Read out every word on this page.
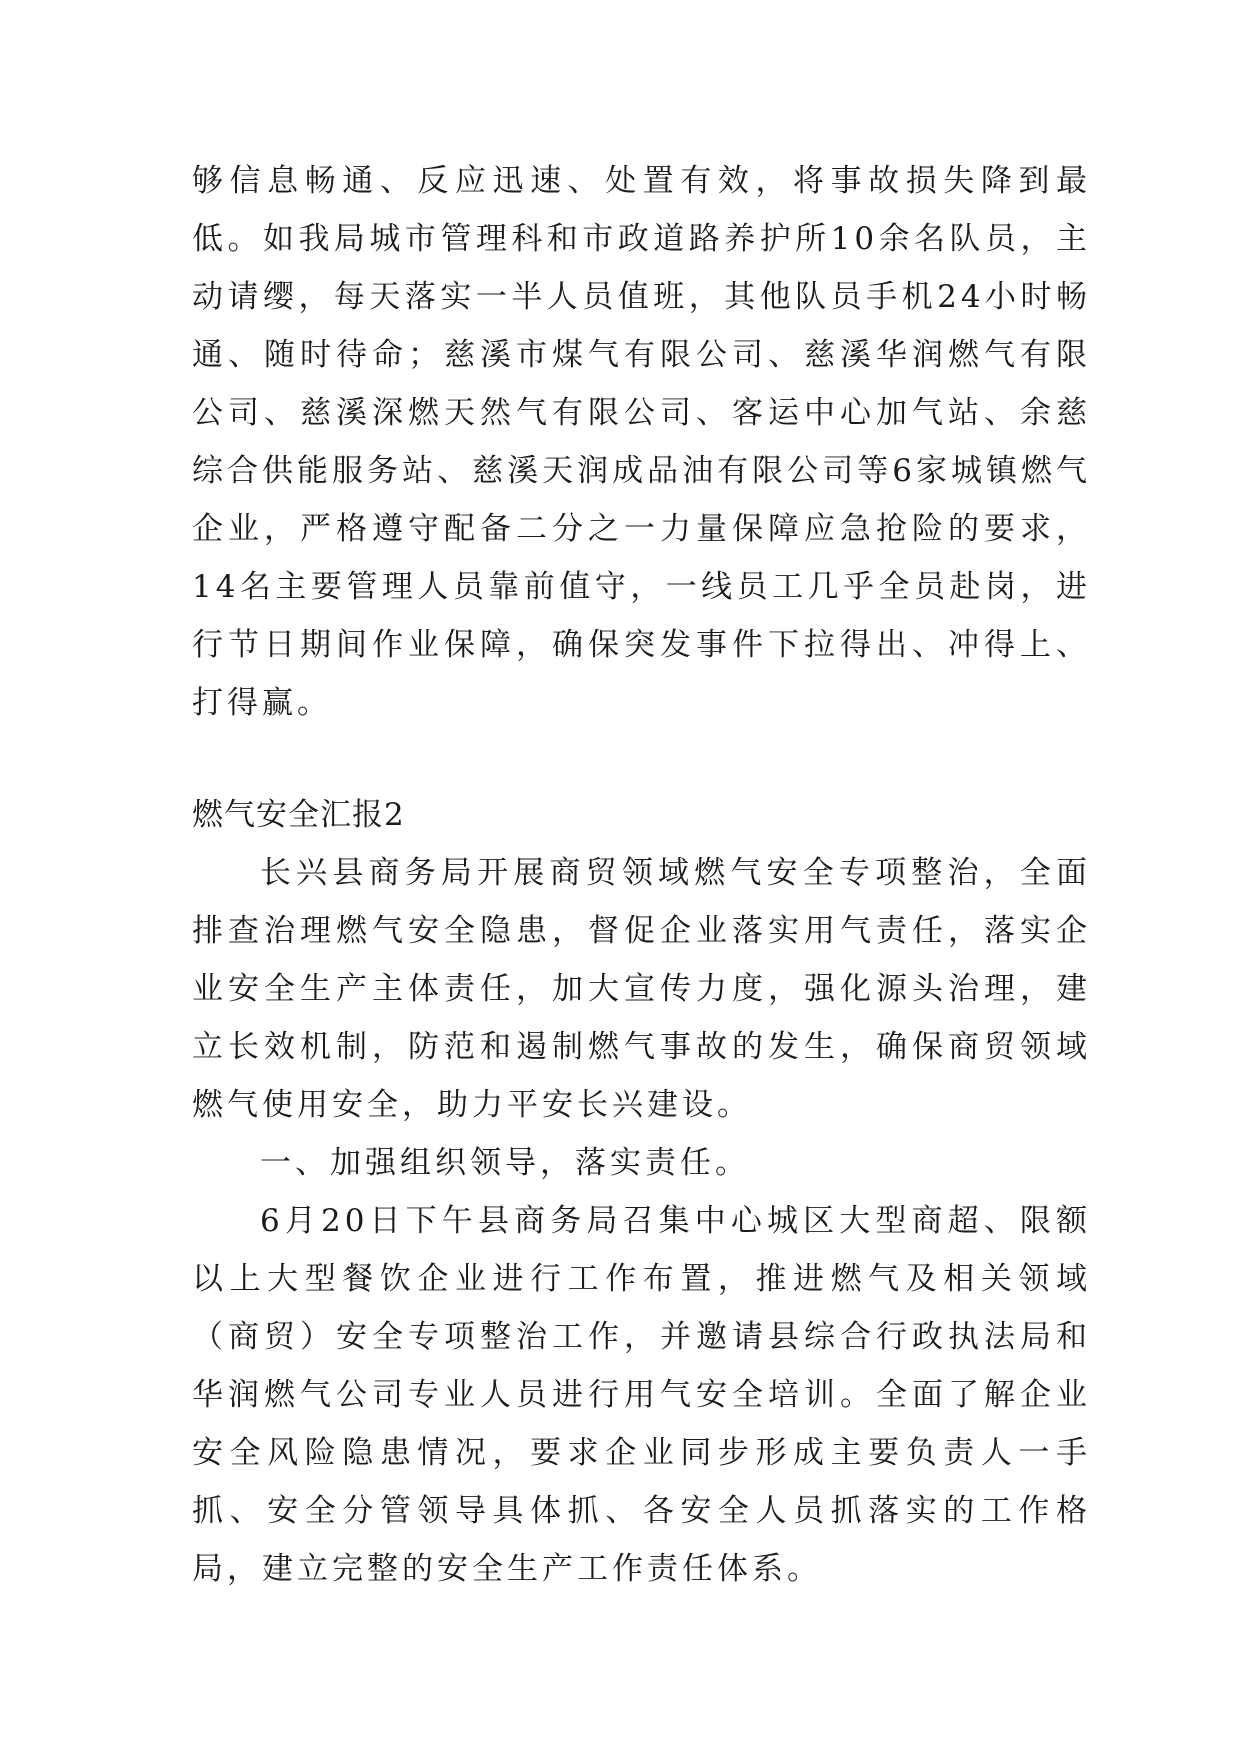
够信息畅通、反应迅速、处置有效，将事故损失降到最低。如我局城市管理科和市政道路养护所10余名队员，主动请缨，每天落实一半人员值班，其他队员手机24小时畅通、随时待命；慈溪市煤气有限公司、慈溪华润燃气有限公司、慈溪深燃天然气有限公司、客运中心加气站、余慈综合供能服务站、慈溪天润成品油有限公司等6家城镇燃气企业，严格遵守配备二分之一力量保障应急抢险的要求，14名主要管理人员靠前值守，一线员工几乎全员赴岗，进行节日期间作业保障，确保突发事件下拉得出、冲得上、打得赢。

燃气安全汇报2

长兴县商务局开展商贸领域燃气安全专项整治，全面排查治理燃气安全隐患，督促企业落实用气责任，落实企业安全生产主体责任，加大宣传力度，强化源头治理，建立长效机制，防范和遏制燃气事故的发生，确保商贸领域燃气使用安全，助力平安长兴建设。

一、加强组织领导，落实责任。

6月20日下午县商务局召集中心城区大型商超、限额以上大型餐饮企业进行工作布置，推进燃气及相关领域（商贸）安全专项整治工作，并邀请县综合行政执法局和华润燃气公司专业人员进行用气安全培训。全面了解企业安全风险隐患情况，要求企业同步形成主要负责人一手抓、安全分管领导具体抓、各安全人员抓落实的工作格局，建立完整的安全生产工作责任体系。
